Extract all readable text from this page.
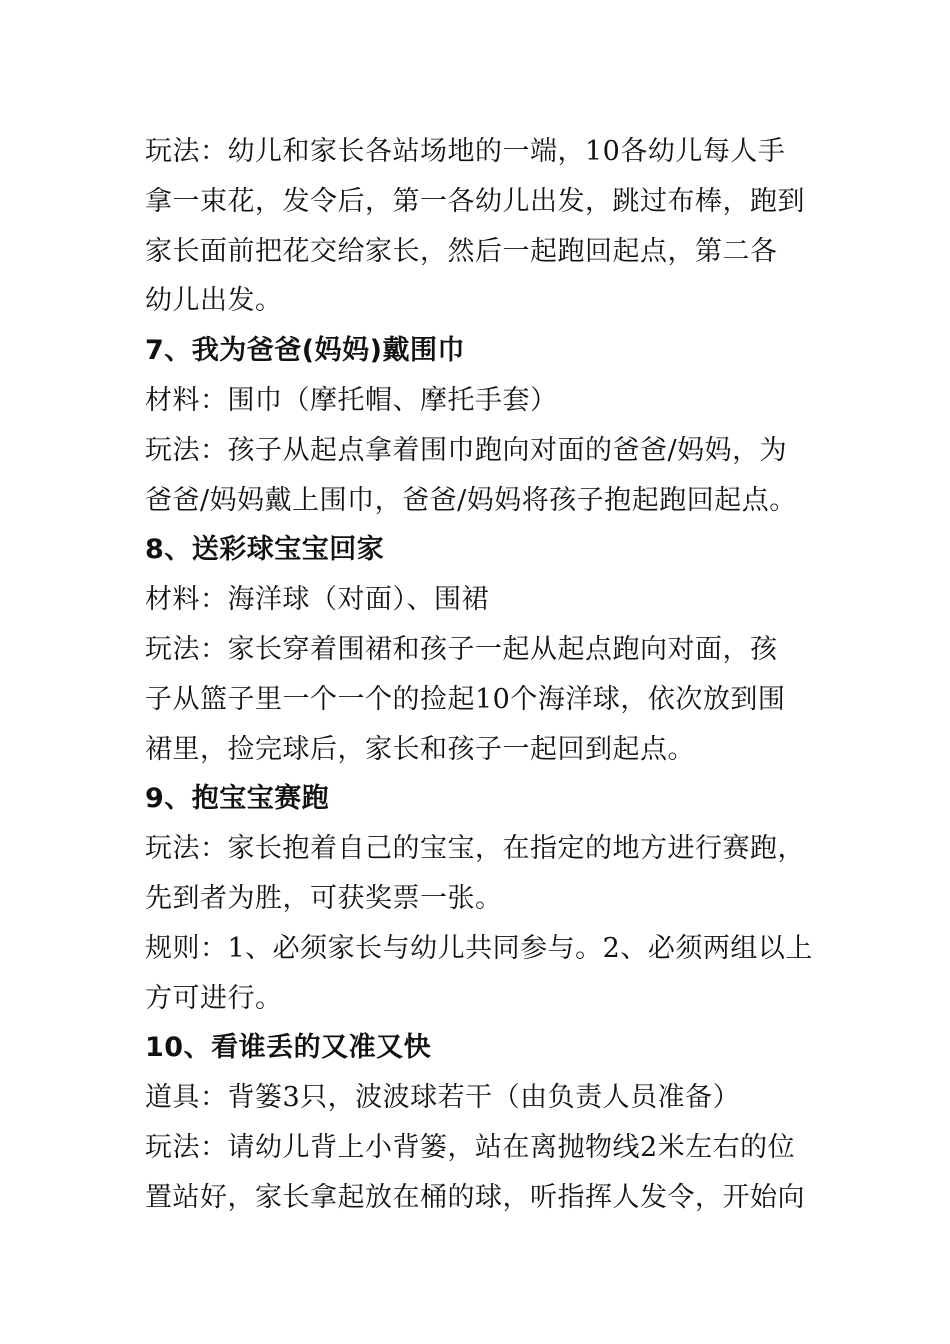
玩法：幼儿和家长各站场地的一端，10各幼儿每人手
拿一束花，发令后，第一各幼儿出发，跳过布棒，跑到
家长面前把花交给家长，然后一起跑回起点，第二各
幼儿出发。
7、我为爸爸(妈妈)戴围巾
材料：围巾（摩托帽、摩托手套）
玩法：孩子从起点拿着围巾跑向对面的爸爸/妈妈，为
爸爸/妈妈戴上围巾，爸爸/妈妈将孩子抱起跑回起点。
8、送彩球宝宝回家
材料：海洋球（对面）、围裙
玩法：家长穿着围裙和孩子一起从起点跑向对面，孩
子从篮子里一个一个的捡起10个海洋球，依次放到围
裙里，捡完球后，家长和孩子一起回到起点。
9、抱宝宝赛跑
玩法：家长抱着自己的宝宝，在指定的地方进行赛跑，
先到者为胜，可获奖票一张。
规则：1、必须家长与幼儿共同参与。2、必须两组以上
方可进行。
10、看谁丢的又准又快
道具：背篓3只，波波球若干（由负责人员准备）
玩法：请幼儿背上小背篓，站在离抛物线2米左右的位
置站好，家长拿起放在桶的球，听指挥人发令，开始向
